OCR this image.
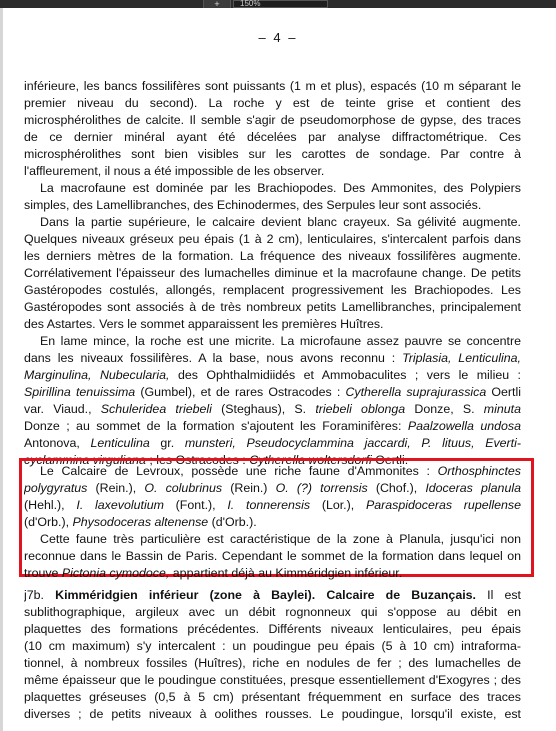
+	150%
– 4 –
inférieure, les bancs fossilifères sont puissants (1 m et plus), espacés (10 m séparant le
premier niveau du second). La roche y est de teinte grise et contient des
microsphérolithes de calcite. Il semble s'agir de pseudomorphose de gypse, des traces
de ce dernier minéral ayant été décelées par analyse diffractométrique. Ces
microsphérolithes sont bien visibles sur les carottes de sondage. Par contre à
l'affleurement, il nous a été impossible de les observer.
La macrofaune est dominée par les Brachiopodes. Des Ammonites, des Polypiers
simples, des Lamellibranches, des Echinodermes, des Serpules leur sont associés.
Dans la partie supérieure, le calcaire devient blanc crayeux. Sa gélivité augmente.
Quelques niveaux gréseux peu épais (1 à 2 cm), lenticulaires, s'intercalent parfois dans
les derniers mètres de la formation. La fréquence des niveaux fossilifères augmente.
Corrélativement l'épaisseur des lumachelles diminue et la macrofaune change. De petits
Gastéropodes costulés, allongés, remplacent progressivement les Brachiopodes. Les
Gastéropodes sont associés à de très nombreux petits Lamellibranches, principalement
des Astartes. Vers le sommet apparaissent les premières Huîtres.
En lame mince, la roche est une micrite. La microfaune assez pauvre se concentre
dans les niveaux fossilifères. A la base, nous avons reconnu : Triplasia, Lenticulina,
Marginulina, Nubecularia, des Ophthalmidiidés et Ammobaculites ; vers le milieu :
Spirillina tenuissima (Gumbel), et de rares Ostracodes : Cytherella suprajurassica Oertli
var. Viaud., Schuleridea triebeli (Steghaus), S. triebeli oblonga Donze, S. minuta
Donze ; au sommet de la formation s'ajoutent les Foraminifères: Paalzowella undosa
Antonova, Lenticulina gr. munsteri, Pseudocyclammina jaccardi, P. lituus, Everti-
cyclammina virguliana ; les Ostracodes : Cytherella woltersdorfi Oertli.
Le Calcaire de Levroux, possède une riche faune d'Ammonites : Orthosphinctes
polygyratus (Rein.), O. colubrinus (Rein.) O. (?) torrensis (Chof.), Idoceras planula
(Hehl.), I. laxevolutium (Font.), I. tonnerensis (Lor.), Paraspidoceras rupellense
(d'Orb.), Physodoceras altenense (d'Orb.).
Cette faune très particulière est caractéristique de la zone à Planula, jusqu'ici non
reconnue dans le Bassin de Paris. Cependant le sommet de la formation dans lequel on
trouve Pictonia cymodoce, appartient déjà au Kimméridgien inférieur.
j7b. Kimméridgien inférieur (zone à Baylei). Calcaire de Buzançais. Il est
sublithographique, argileux avec un débit rognonneux qui s'oppose au débit en
plaquettes des formations précédentes. Différents niveaux lenticulaires, peu épais
(10 cm maximum) s'y intercalent : un poudingue peu épais (5 à 10 cm) intraforma-
tionnel, à nombreux fossiles (Huîtres), riche en nodules de fer ; des lumachelles de
même épaisseur que le poudingue constituées, presque essentiellement d'Exogyres ; des
plaquettes gréseuses (0,5 à 5 cm) présentant fréquemment en surface des traces
diverses ; de petits niveaux à oolithes rousses. Le poudingue, lorsqu'il existe, est
